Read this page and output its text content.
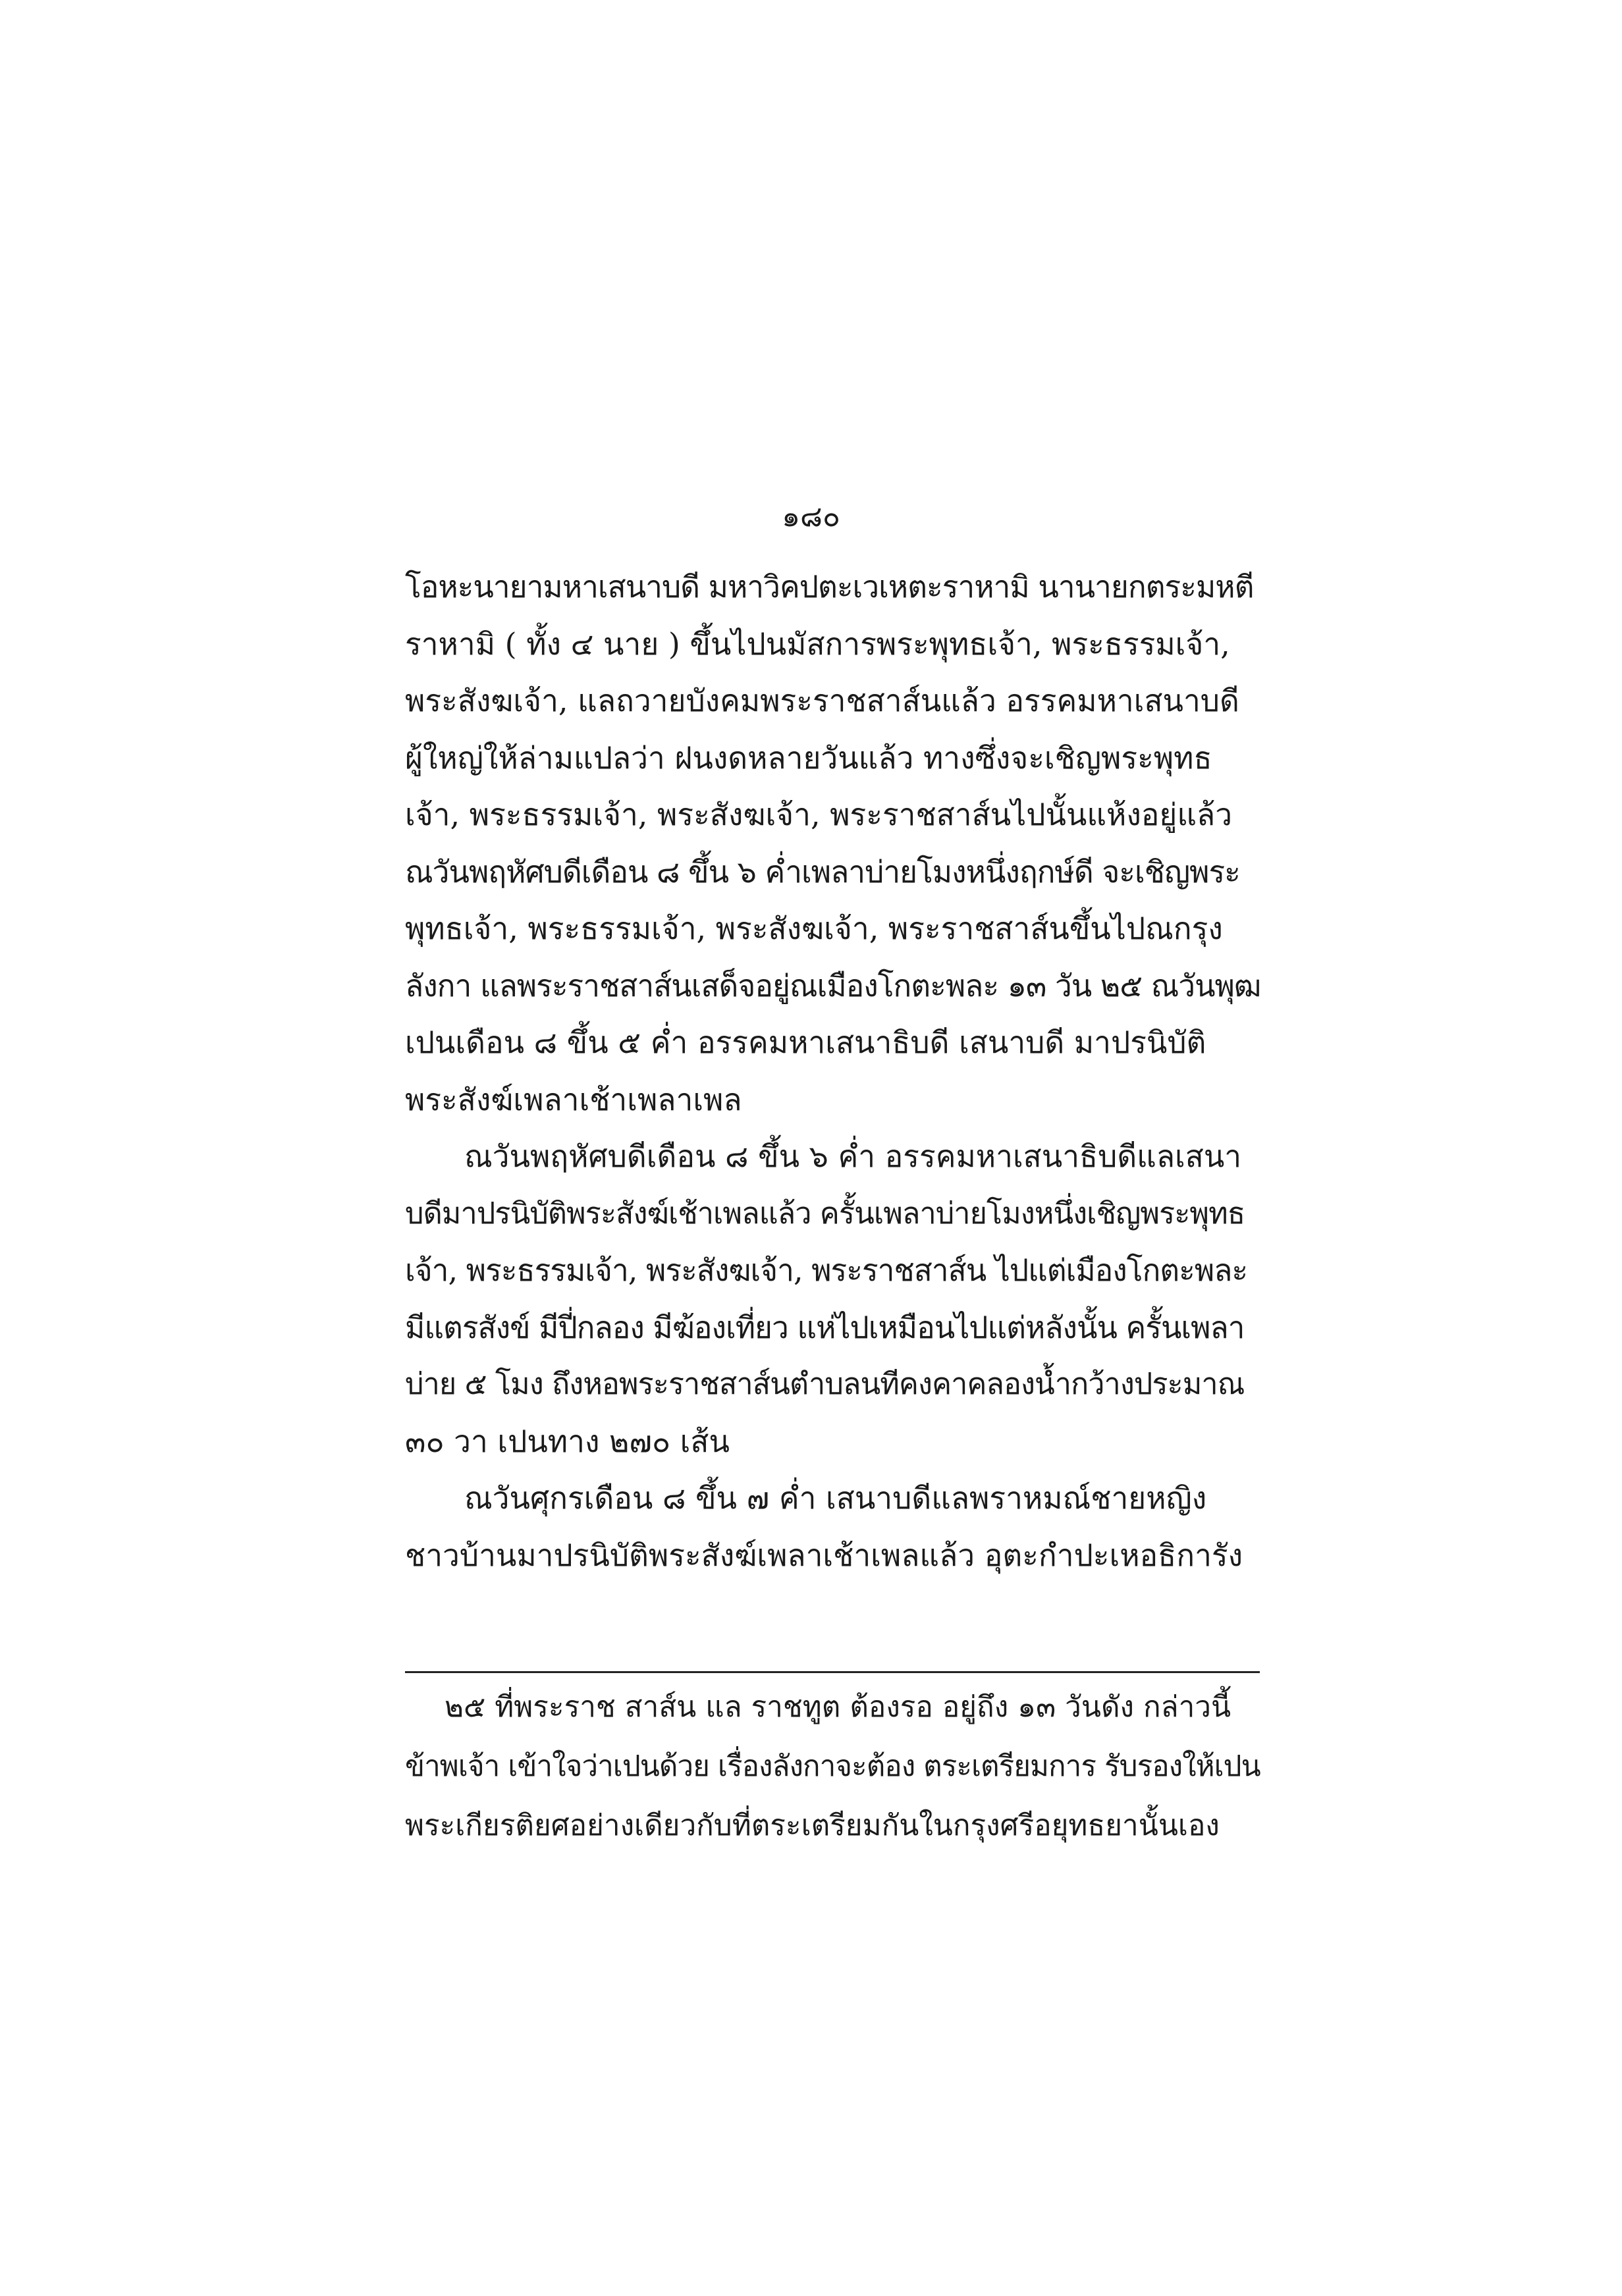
๑๘๐
โอหะนายามหาเสนาบดี มหาวิคปตะเวเหตะราหามิ นานายกตระมหตี
ราหามิ ( ทั้ง ๔ นาย ) ขึ้นไปนมัสการพระพุทธเจ้า, พระธรรมเจ้า,
พระสังฆเจ้า, แลถวายบังคมพระราชสาส์นแล้ว อรรคมหาเสนาบดี
ผู้ใหญ่ให้ล่ามแปลว่า ฝนงดหลายวันแล้ว ทางซึ่งจะเชิญพระพุทธ
เจ้า, พระธรรมเจ้า, พระสังฆเจ้า, พระราชสาส์นไปนั้นแห้งอยู่แล้ว
ณวันพฤหัศบดีเดือน ๘ ขึ้น ๖ ค่ำเพลาบ่ายโมงหนึ่งฤกษ์ดี จะเชิญพระ
พุทธเจ้า, พระธรรมเจ้า, พระสังฆเจ้า, พระราชสาส์นขึ้นไปณกรุง
ลังกา แลพระราชสาส์นเสด็จอยู่ณเมืองโกตะพละ ๑๓ วัน ๒๕ ณวันพุฒ
เปนเดือน ๘ ขึ้น ๕ ค่ำ อรรคมหาเสนาธิบดี เสนาบดี มาปรนิบัติ
พระสังฆ์เพลาเช้าเพลาเพล
ณวันพฤหัศบดีเดือน ๘ ขึ้น ๖ ค่ำ อรรคมหาเสนาธิบดีแลเสนา
บดีมาปรนิบัติพระสังฆ์เช้าเพลแล้ว ครั้นเพลาบ่ายโมงหนึ่งเชิญพระพุทธ
เจ้า, พระธรรมเจ้า, พระสังฆเจ้า, พระราชสาส์น ไปแต่เมืองโกตะพละ
มีแตรสังข์ มีปี่กลอง มีฆ้องเที่ยว แห่ไปเหมือนไปแต่หลังนั้น ครั้นเพลา
บ่าย ๕ โมง ถึงหอพระราชสาส์นตำบลนทีคงคาคลองน้ำกว้างประมาณ
๓๐ วา เปนทาง ๒๗๐ เส้น
ณวันศุกรเดือน ๘ ขึ้น ๗ ค่ำ เสนาบดีแลพราหมณ์ชายหญิง
ชาวบ้านมาปรนิบัติพระสังฆ์เพลาเช้าเพลแล้ว อุตะกำปะเหอธิการัง
๒๕ ที่พระราช สาส์น แล ราชทูต ต้องรอ อยู่ถึง ๑๓ วันดัง กล่าวนี้
ข้าพเจ้า เข้าใจว่าเปนด้วย เรื่องลังกาจะต้อง ตระเตรียมการ รับรองให้เปน
พระเกียรติยศอย่างเดียวกับที่ตระเตรียมกันในกรุงศรีอยุทธยานั้นเอง
